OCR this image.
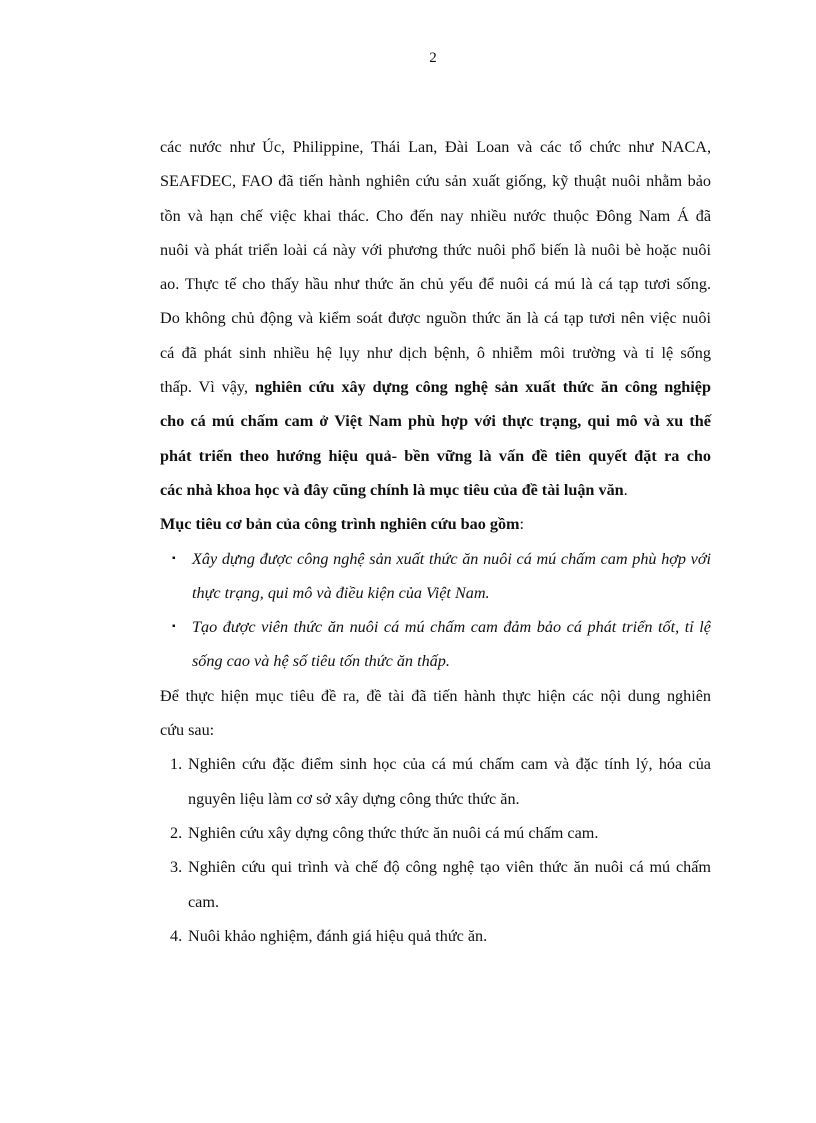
2
các nước như Úc, Philippine, Thái Lan, Đài Loan và các tổ chức như NACA,
SEAFDEC, FAO đã tiến hành nghiên cứu sản xuất giống, kỹ thuật nuôi nhằm bảo
tồn và hạn chế việc khai thác. Cho đến nay nhiều nước thuộc Đông Nam Á đã
nuôi và phát triển loài cá này với phương thức nuôi phổ biến là nuôi bè hoặc nuôi
ao. Thực tế cho thấy hầu như thức ăn chủ yếu để nuôi cá mú là cá tạp tươi sống.
Do không chủ động và kiểm soát được nguồn thức ăn là cá tạp tươi nên việc nuôi
cá đã phát sinh nhiều hệ lụy như dịch bệnh, ô nhiễm môi trường và tỉ lệ sống
thấp. Vì vậy, nghiên cứu xây dựng công nghệ sản xuất thức ăn công nghiệp
cho cá mú chấm cam ở Việt Nam phù hợp với thực trạng, qui mô và xu thế
phát triển theo hướng hiệu quả- bền vững là vấn đề tiên quyết đặt ra cho
các nhà khoa học và đây cũng chính là mục tiêu của đề tài luận văn.
Mục tiêu cơ bản của công trình nghiên cứu bao gồm:
▪ Xây dựng được công nghệ sản xuất thức ăn nuôi cá mú chấm cam phù hợp với
thực trạng, qui mô và điều kiện của Việt Nam.
▪ Tạo được viên thức ăn nuôi cá mú chấm cam đảm bảo cá phát triển tốt, tỉ lệ
sống cao và hệ số tiêu tốn thức ăn thấp.
Để thực hiện mục tiêu đề ra, đề tài đã tiến hành thực hiện các nội dung nghiên
cứu sau:
1. Nghiên cứu đặc điểm sinh học của cá mú chấm cam và đặc tính lý, hóa của
nguyên liệu làm cơ sở xây dựng công thức thức ăn.
2. Nghiên cứu xây dựng công thức thức ăn nuôi cá mú chấm cam.
3. Nghiên cứu qui trình và chế độ công nghệ tạo viên thức ăn nuôi cá mú chấm
cam.
4. Nuôi khảo nghiệm, đánh giá hiệu quả thức ăn.
